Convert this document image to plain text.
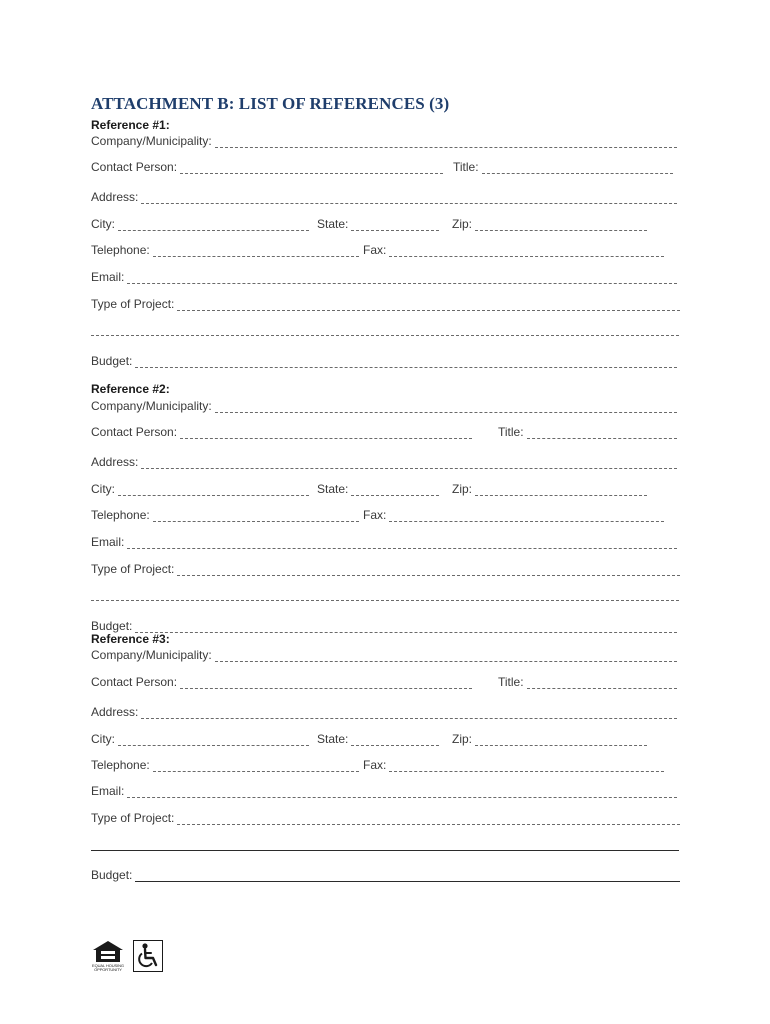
ATTACHMENT B: LIST OF REFERENCES (3)
Reference #1:
Company/Municipality:
Contact Person:	Title:
Address:
City:	State:	Zip:
Telephone:	Fax:
Email:
Type of Project:
Budget:
Reference #2:
Company/Municipality:
Contact Person:	Title:
Address:
City:	State:	Zip:
Telephone:	Fax:
Email:
Type of Project:
Budget:
Reference #3:
Company/Municipality:
Contact Person:	Title:
Address:
City:	State:	Zip:
Telephone:	Fax:
Email:
Type of Project:
Budget:
EQUAL HOUSING OPPORTUNITY
